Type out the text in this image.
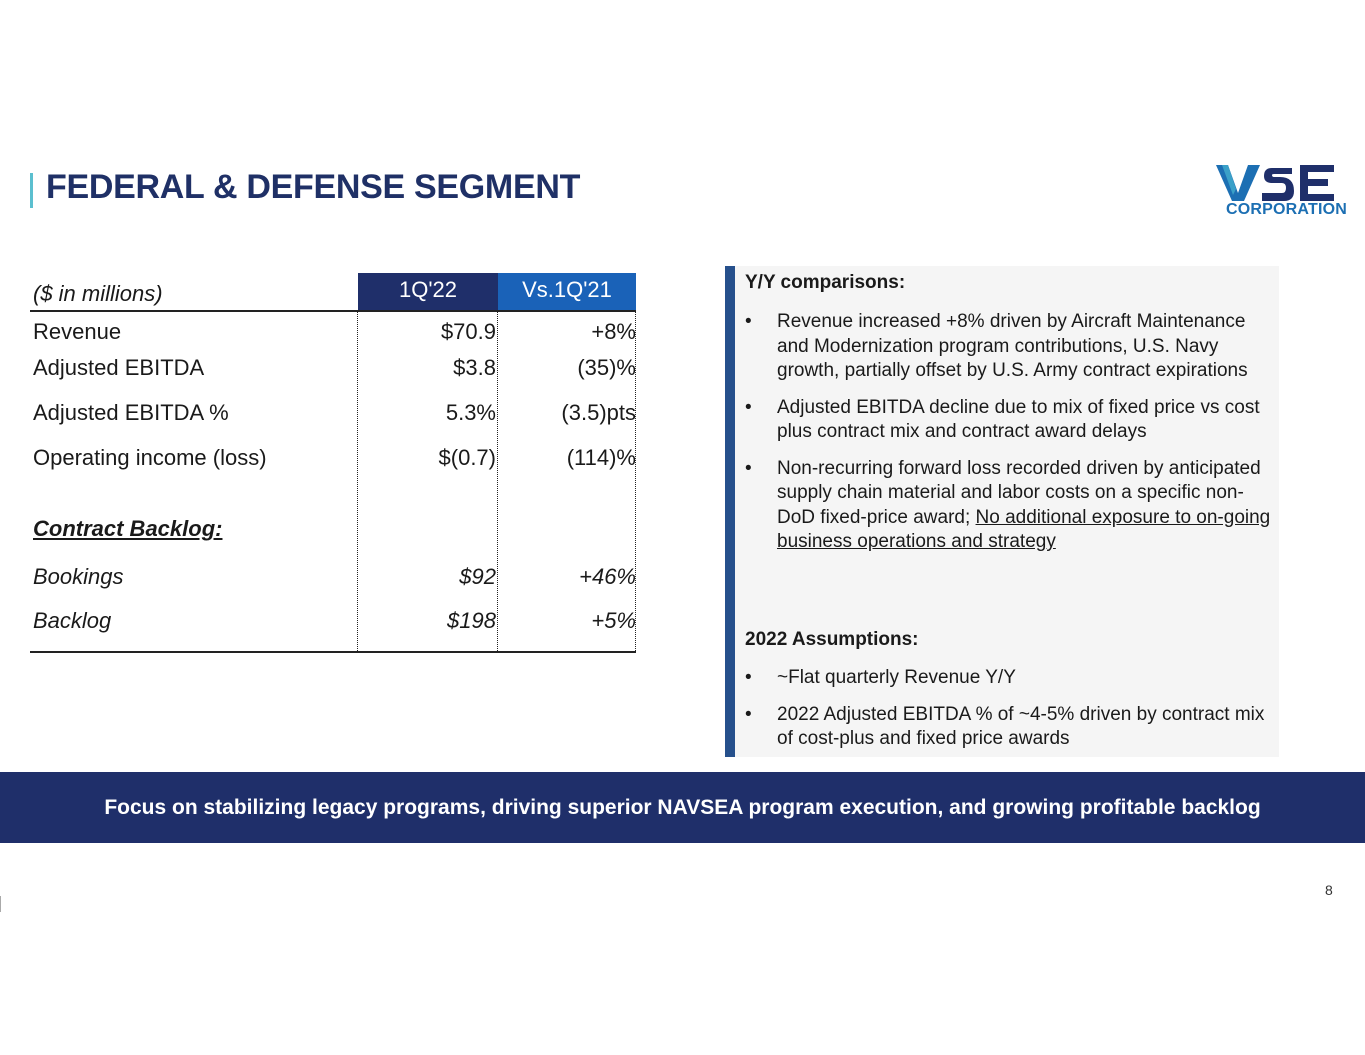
FEDERAL & DEFENSE SEGMENT
CORPORATION
($ in millions)	1Q'22	Vs.1Q'21
Revenue	$70.9	+8%
Adjusted EBITDA	$3.8	(35)%
Adjusted EBITDA %	5.3%	(3.5)pts
Operating income (loss)	$(0.7)	(114)%
Contract Backlog:
Bookings	$92	+46%
Backlog	$198	+5%
Y/Y comparisons:
• Revenue increased +8% driven by Aircraft Maintenance and Modernization program contributions, U.S. Navy growth, partially offset by U.S. Army contract expirations
• Adjusted EBITDA decline due to mix of fixed price vs cost plus contract mix and contract award delays
• Non-recurring forward loss recorded driven by anticipated supply chain material and labor costs on a specific non-DoD fixed-price award; No additional exposure to on-going business operations and strategy
2022 Assumptions:
• ~Flat quarterly Revenue Y/Y
• 2022 Adjusted EBITDA % of ~4-5% driven by contract mix of cost-plus and fixed price awards
Focus on stabilizing legacy programs, driving superior NAVSEA program execution, and growing profitable backlog
8
